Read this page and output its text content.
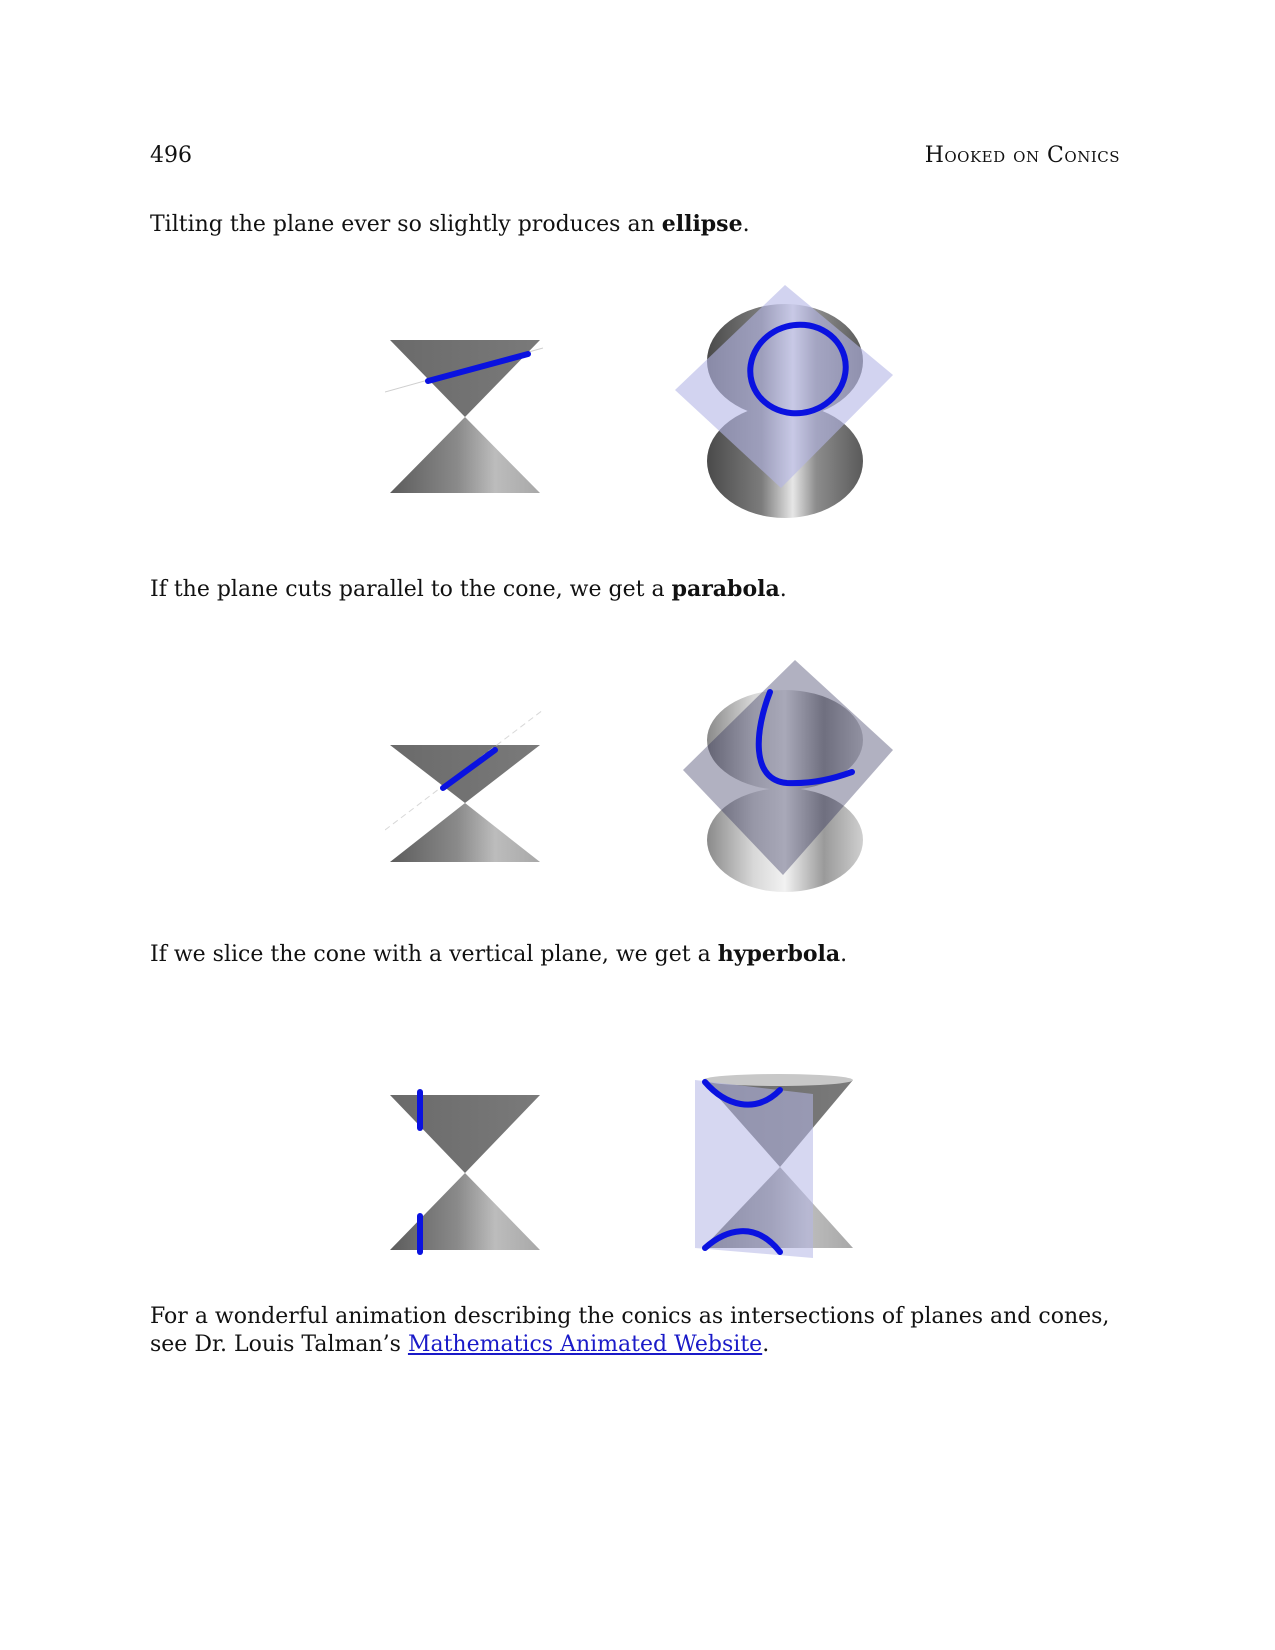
496	Hooked on Conics
Tilting the plane ever so slightly produces an ellipse.
If the plane cuts parallel to the cone, we get a parabola.
If we slice the cone with a vertical plane, we get a hyperbola.
For a wonderful animation describing the conics as intersections of planes and cones, see Dr. Louis Talman’s Mathematics Animated Website.
